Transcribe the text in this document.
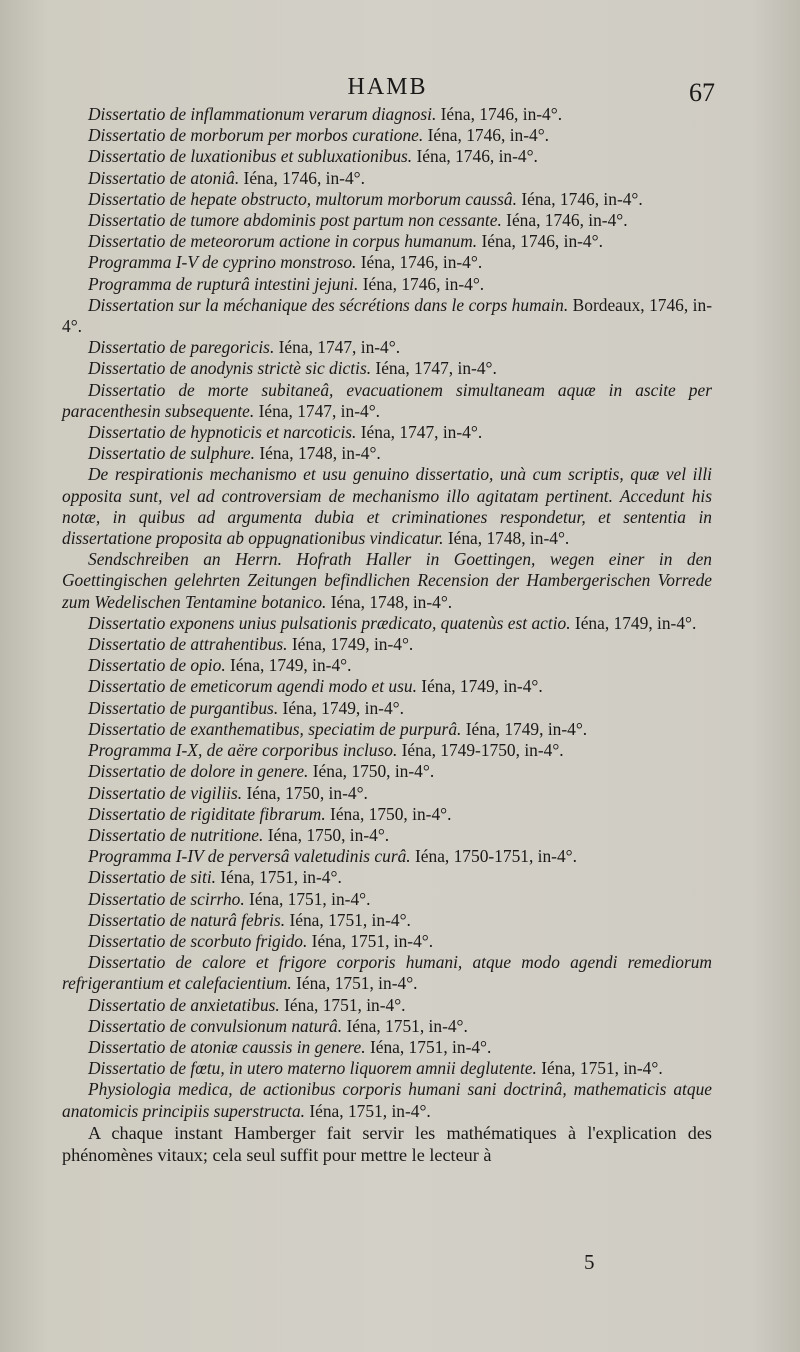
HAMB	67

Dissertatio de inflammationum verarum diagnosi. Iéna, 1746, in-4°.

Dissertatio de morborum per morbos curatione. Iéna, 1746, in-4°.

Dissertatio de luxationibus et subluxationibus. Iéna, 1746, in-4°.

Dissertatio de atoniâ. Iéna, 1746, in-4°.

Dissertatio de hepate obstructo, multorum morborum caussâ. Iéna, 1746, in-4°.

Dissertatio de tumore abdominis post partum non cessante. Iéna, 1746, in-4°.

Dissertatio de meteororum actione in corpus humanum. Iéna, 1746, in-4°.

Programma I-V de cyprino monstroso. Iéna, 1746, in-4°.

Programma de rupturâ intestini jejuni. Iéna, 1746, in-4°.

Dissertation sur la méchanique des sécrétions dans le corps humain. Bordeaux, 1746, in-4°.

Dissertatio de paregoricis. Iéna, 1747, in-4°.

Dissertatio de anodynis strictè sic dictis. Iéna, 1747, in-4°.

Dissertatio de morte subitaneâ, evacuationem simultaneam aquæ in ascite per paracenthesin subsequente. Iéna, 1747, in-4°.

Dissertatio de hypnoticis et narcoticis. Iéna, 1747, in-4°.

Dissertatio de sulphure. Iéna, 1748, in-4°.

De respirationis mechanismo et usu genuino dissertatio, unà cum scriptis, quæ vel illi opposita sunt, vel ad controversiam de mechanismo illo agitatam pertinent. Accedunt his notæ, in quibus ad argumenta dubia et criminationes respondetur, et sententia in dissertatione proposita ab oppugnationibus vindicatur. Iéna, 1748, in-4°.

Sendschreiben an Herrn. Hofrath Haller in Goettingen, wegen einer in den Goettingischen gelehrten Zeitungen befindlichen Recension der Hambergerischen Vorrede zum Wedelischen Tentamine botanico. Iéna, 1748, in-4°.

Dissertatio exponens unius pulsationis prædicato, quatenùs est actio. Iéna, 1749, in-4°.

Dissertatio de attrahentibus. Iéna, 1749, in-4°.

Dissertatio de opio. Iéna, 1749, in-4°.

Dissertatio de emeticorum agendi modo et usu. Iéna, 1749, in-4°.

Dissertatio de purgantibus. Iéna, 1749, in-4°.

Dissertatio de exanthematibus, speciatim de purpurâ. Iéna, 1749, in-4°.

Programma I-X, de aëre corporibus incluso. Iéna, 1749-1750, in-4°.

Dissertatio de dolore in genere. Iéna, 1750, in-4°.

Dissertatio de vigiliis. Iéna, 1750, in-4°.

Dissertatio de rigiditate fibrarum. Iéna, 1750, in-4°.

Dissertatio de nutritione. Iéna, 1750, in-4°.

Programma I-IV de perversâ valetudinis curâ. Iéna, 1750-1751, in-4°.

Dissertatio de siti. Iéna, 1751, in-4°.

Dissertatio de scirrho. Iéna, 1751, in-4°.

Dissertatio de naturâ febris. Iéna, 1751, in-4°.

Dissertatio de scorbuto frigido. Iéna, 1751, in-4°.

Dissertatio de calore et frigore corporis humani, atque modo agendi remediorum refrigerantium et calefacientium. Iéna, 1751, in-4°.

Dissertatio de anxietatibus. Iéna, 1751, in-4°.

Dissertatio de convulsionum naturâ. Iéna, 1751, in-4°.

Dissertatio de atoniæ caussis in genere. Iéna, 1751, in-4°.

Dissertatio de fœtu, in utero materno liquorem amnii deglutente. Iéna, 1751, in-4°.

Physiologia medica, de actionibus corporis humani sani doctrinâ, mathematicis atque anatomicis principiis superstructa. Iéna, 1751, in-4°.

A chaque instant Hamberger fait servir les mathématiques à l'explication des phénomènes vitaux; cela seul suffit pour mettre le lecteur à

5
